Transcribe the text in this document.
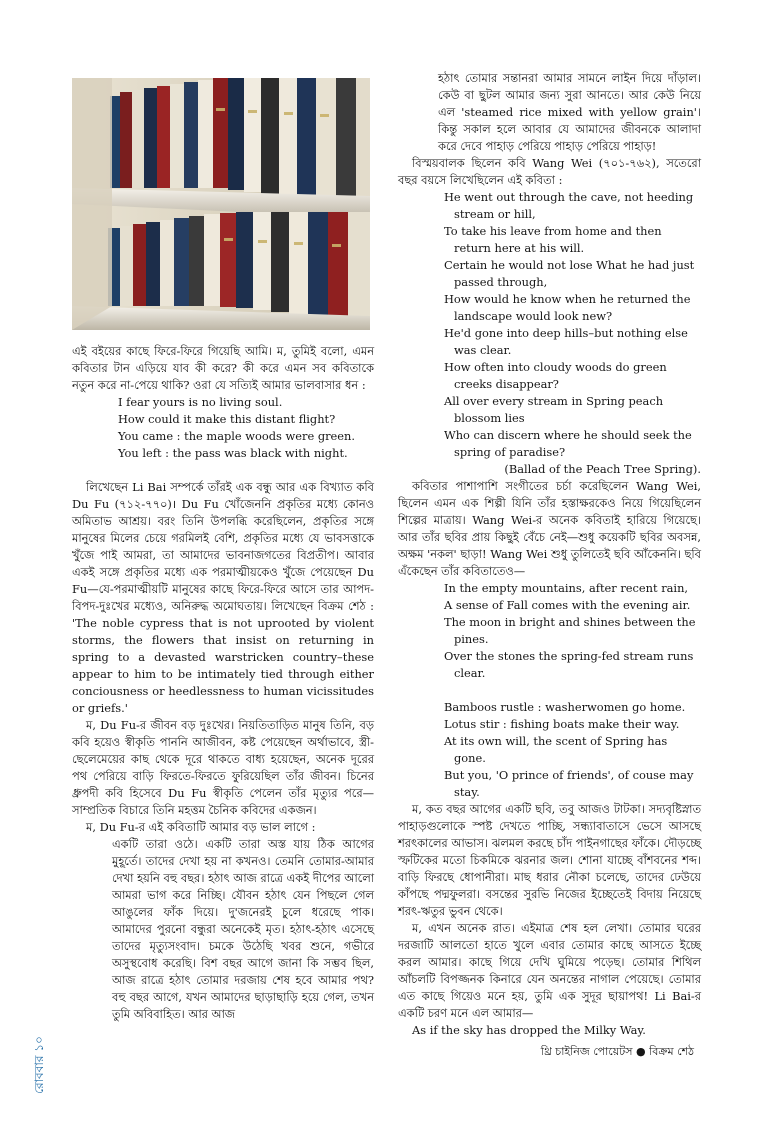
এই বইয়ের কাছে ফিরে-ফিরে গিয়েছি আমি। ম, তুমিই বলো, এমন কবিতার টান এড়িয়ে যাব কী করে? কী করে এমন সব কবিতাকে নতুন করে না-পেয়ে থাকি? ওরা যে সত্যিই আমার ভালবাসার ধন :

I fear yours is no living soul.
How could it make this distant flight?
You came : the maple woods were green.
You left : the pass was black with night.

লিখেছেন Li Bai সম্পর্কে তাঁরই এক বন্ধু আর এক বিখ্যাত কবি Du Fu (৭১২-৭৭০)। Du Fu খোঁজেননি প্রকৃতির মধ্যে কোনও অমিতাভ আশ্রয়। বরং তিনি উপলব্ধি করেছিলেন, প্রকৃতির সঙ্গে মানুষের মিলের চেয়ে গরমিলই বেশি, প্রকৃতির মধ্যে যে ভাবসত্তাকে খুঁজে পাই আমরা, তা আমাদের ভাবনাজগতের বিপ্রতীপ। আবার একই সঙ্গে প্রকৃতির মধ্যে এক পরমাত্মীয়কেও খুঁজে পেয়েছেন Du Fu—যে-পরমাত্মীয়টি মানুষের কাছে ফিরে-ফিরে আসে তার আপদ-বিপদ-দুঃখের মধ্যেও, অনিরুদ্ধ অমোঘতায়। লিখেছেন বিক্রম শেঠ : 'The noble cypress that is not uprooted by violent storms, the flowers that insist on returning in spring to a devasted warstricken country–these appear to him to be intimately tied through either conciousness or heedlessness to human vicissitudes or griefs.'

ম, Du Fu-র জীবন বড় দুঃখের। নিয়তিতাড়িত মানুষ তিনি, বড় কবি হয়েও স্বীকৃতি পাননি আজীবন, কষ্ট পেয়েছেন অর্থাভাবে, স্ত্রী-ছেলেমেয়ের কাছ থেকে দূরে থাকতে বাধ্য হয়েছেন, অনেক দূরের পথ পেরিয়ে বাড়ি ফিরতে-ফিরতে ফুরিয়েছিল তাঁর জীবন। চিনের ধ্রুপদী কবি হিসেবে Du Fu স্বীকৃতি পেলেন তাঁর মৃত্যুর পরে—সাম্প্রতিক বিচারে তিনি মহত্তম চৈনিক কবিদের একজন।

ম, Du Fu-র এই কবিতাটি আমার বড় ভাল লাগে :

একটি তারা ওঠে। একটি তারা অস্ত যায় ঠিক আগের মুহূর্তে। তাদের দেখা হয় না কখনও। তেমনি তোমার-আমার দেখা হয়নি বহু বছর। হঠাৎ আজ রাত্রে একই দীপের আলো আমরা ভাগ করে নিচ্ছি। যৌবন হঠাৎ যেন পিছলে গেল আঙুলের ফাঁক দিয়ে। দু'জনেরই চুলে ধরেছে পাক। আমাদের পুরনো বন্ধুরা অনেকেই মৃত। হঠাৎ-হঠাৎ এসেছে তাদের মৃত্যুসংবাদ। চমকে উঠেছি খবর শুনে, গভীরে অসুস্থবোধ করেছি। বিশ বছর আগে জানা কি সম্ভব ছিল, আজ রাত্রে হঠাৎ তোমার দরজায় শেষ হবে আমার পথ? বহু বছর আগে, যখন আমাদের ছাড়াছাড়ি হয়ে গেল, তখন তুমি অবিবাহিত। আর আজ

হঠাৎ তোমার সন্তানরা আমার সামনে লাইন দিয়ে দাঁড়াল। কেউ বা ছুটল আমার জন্য সুরা আনতে। আর কেউ নিয়ে এল 'steamed rice mixed with yellow grain'। কিন্তু সকাল হলে আবার যে আমাদের জীবনকে আলাদা করে দেবে পাহাড় পেরিয়ে পাহাড় পেরিয়ে পাহাড়!

বিস্ময়বালক ছিলেন কবি Wang Wei (৭০১-৭৬২), সতেরো বছর বয়সে লিখেছিলেন এই কবিতা :

He went out through the cave, not heeding stream or hill,
To take his leave from home and then return here at his will.
Certain he would not lose What he had just passed through,
How would he know when he returned the landscape would look new?
He'd gone into deep hills–but nothing else was clear.
How often into cloudy woods do green creeks disappear?
All over every stream in Spring peach blossom lies
Who can discern where he should seek the spring of paradise?

(Ballad of the Peach Tree Spring).

কবিতার পাশাপাশি সংগীতের চর্চা করেছিলেন Wang Wei, ছিলেন এমন এক শিল্পী যিনি তাঁর হস্তাক্ষরকেও নিয়ে গিয়েছিলেন শিল্পের মাত্রায়। Wang Wei-র অনেক কবিতাই হারিয়ে গিয়েছে। আর তাঁর ছবির প্রায় কিছুই বেঁচে নেই—শুধু কয়েকটি ছবির অবসন্ন, অক্ষম 'নকল' ছাড়া! Wang Wei শুধু তুলিতেই ছবি আঁকেননি। ছবি এঁকেছেন তাঁর কবিতাতেও—

In the empty mountains, after recent rain,
A sense of Fall comes with the evening air.
The moon in bright and shines between the pines.
Over the stones the spring-fed stream runs clear.
Bamboos rustle : washerwomen go home.
Lotus stir : fishing boats make their way.
At its own will, the scent of Spring has gone.
But you, 'O prince of friends', of couse may stay.

ম, কত বছর আগের একটি ছবি, তবু আজও টাটকা। সদ্যবৃষ্টিস্নাত পাহাড়গুলোকে স্পষ্ট দেখতে পাচ্ছি, সন্ধ্যাবাতাসে ভেসে আসছে শরৎকালের আভাস। ঝলমল করছে চাঁদ পাইনগাছের ফাঁকে। দৌড়চ্ছে স্ফটিকের মতো চিকমিকে ঝরনার জল। শোনা যাচ্ছে বাঁশবনের শব্দ। বাড়ি ফিরছে ধোপানীরা। মাছ ধরার নৌকা চলেছে, তাদের ঢেউয়ে কাঁপছে পদ্মফুলরা। বসন্তের সুরভি নিজের ইচ্ছেতেই বিদায় নিয়েছে শরৎ-ঋতুর ভুবন থেকে।

ম, এখন অনেক রাত। এইমাত্র শেষ হল লেখা। তোমার ঘরের দরজাটি আলতো হাতে খুলে এবার তোমার কাছে আসতে ইচ্ছে করল আমার। কাছে গিয়ে দেখি ঘুমিয়ে পড়েছ। তোমার শিথিল আঁচলটি বিপজ্জনক কিনারে যেন অনন্তের নাগাল পেয়েছে। তোমার এত কাছে গিয়েও মনে হয়, তুমি এক সুদূর ছায়াপথ! Li Bai-র একটি চরণ মনে এল আমার—

As if the sky has dropped the Milky Way.

রোববার ১০	থ্রি চাইনিজ পোয়েটস ● বিক্রম শেঠ
